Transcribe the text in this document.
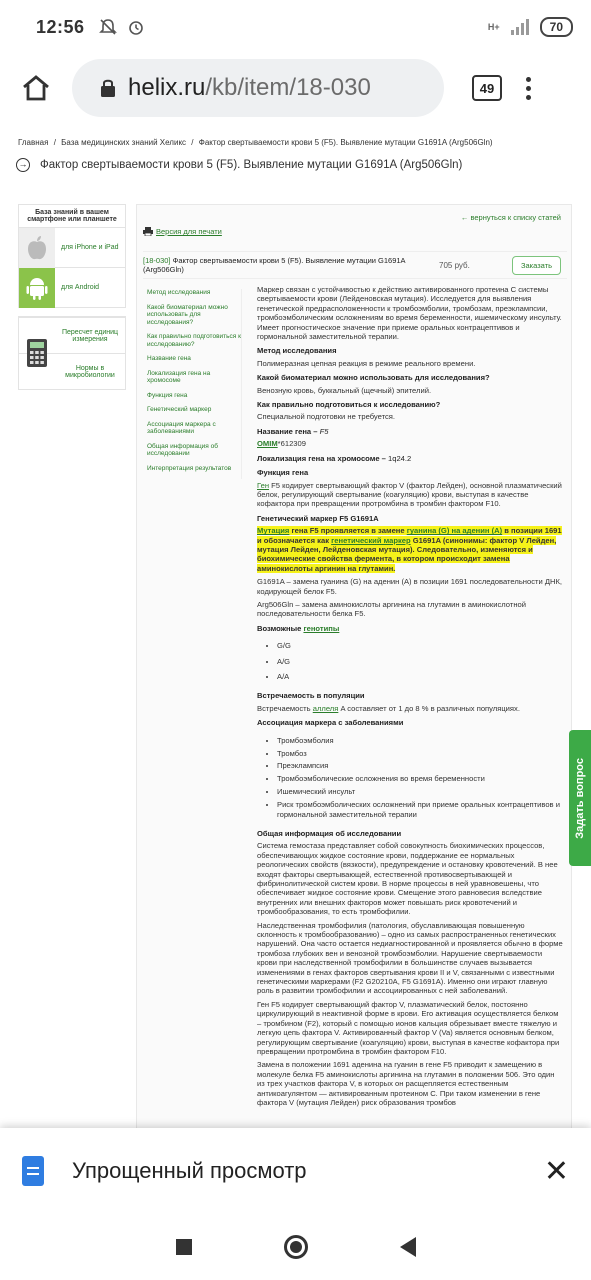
12:56	H+	70
helix.ru/kb/item/18-030	49
Главная / База медицинских знаний Хеликс / Фактор свертываемости крови 5 (F5). Выявление мутации G1691A (Arg506Gln)
→ Фактор свертываемости крови 5 (F5). Выявление мутации G1691A (Arg506Gln)
База знаний в вашем смартфоне или планшете
для iPhone и iPad
для Android
Пересчет единиц измерения
Нормы в микробиологии
Версия для печати
← вернуться к списку статей
[18-030] Фактор свертываемости крови 5 (F5). Выявление мутации G1691A (Arg506Gln)	705 руб.	Заказать
Метод исследования
Какой биоматериал можно использовать для исследования?
Как правильно подготовиться к исследованию?
Название гена
Локализация гена на хромосоме
Функция гена
Генетический маркер
Ассоциация маркера с заболеваниями
Общая информация об исследовании
Интерпретация результатов

Маркер связан с устойчивостью к действию активированного протеина С системы свертываемости крови (Лейденовская мутация). Исследуется для выявления генетической предрасположенности к тромбоэмболии, тромбозам, преэклампсии, тромбоэмболическим осложнениям во время беременности, ишемическому инсульту. Имеет прогностическое значение при приеме оральных контрацептивов и гормональной заместительной терапии.

Метод исследования

Полимеразная цепная реакция в режиме реального времени.

Какой биоматериал можно использовать для исследования?

Венозную кровь, буккальный (щечный) эпителий.

Как правильно подготовиться к исследованию?

Специальной подготовки не требуется.

Название гена – F5

OMIM*612309

Локализация гена на хромосоме – 1q24.2
Функция гена

Ген F5 кодирует свертывающий фактор V (фактор Лейден), основной плазматический белок, регулирующий свертывание (коагуляцию) крови, выступая в качестве кофактора при превращении протромбина в тромбин фактором F10.

Генетический маркер F5 G1691A

Мутация гена F5 проявляется в замене гуанина (G) на аденин (A) в позиции 1691 и обозначается как генетический маркер G1691A (синонимы: фактор V Лейден, мутация Лейден, Лейденовская мутация). Следовательно, изменяются и биохимические свойства фермента, в котором происходит замена аминокислоты аргинин на глутамин.

G1691A – замена гуанина (G) на аденин (A) в позиции 1691 последовательности ДНК, кодирующей белок F5.

Arg506Gln – замена аминокислоты аргинина на глутамин в аминокислотной последовательности белка F5.

Возможные генотипы
• G/G
• A/G
• A/A
Встречаемость в популяции

Встречаемость аллеля A составляет от 1 до 8 % в различных популяциях.

Ассоциация маркера с заболеваниями
• Тромбоэмболия
• Тромбоз
• Преэклампсия
• Тромбоэмболические осложнения во время беременности
• Ишемический инсульт
• Риск тромбоэмболических осложнений при приеме оральных контрацептивов и гормональной заместительной терапии
Общая информация об исследовании

Система гемостаза представляет собой совокупность биохимических процессов, обеспечивающих жидкое состояние крови, поддержание ее нормальных реологических свойств (вязкости), предупреждение и остановку кровотечений. В нее входят факторы свертывающей, естественной противосвертывающей и фибринолитической систем крови. В норме процессы в ней уравновешены, что обеспечивает жидкое состояние крови. Смещение этого равновесия вследствие внутренних или внешних факторов может повышать риск кровотечений и тромбообразования, то есть тромбофилии.

Наследственная тромбофилия (патология, обуславливающая повышенную склонность к тромбообразованию) – одно из самых распространенных генетических нарушений. Она часто остается недиагностированной и проявляется обычно в форме тромбоза глубоких вен и венозной тромбоэмболии. Нарушение свертываемости крови при наследственной тромбофилии в большинстве случаев вызывается изменениями в генах факторов свертывания крови II и V, связанными с известными генетическими маркерами (F2 G20210A, F5 G1691A). Именно они играют главную роль в развитии тромбофилии и ассоциированных с ней заболеваний.

Ген F5 кодирует свертывающий фактор V, плазматический белок, постоянно циркулирующий в неактивной форме в крови. Его активация осуществляется белком – тромбином (F2), который с помощью ионов кальция обрезывает вместе тяжелую и легкую цепь фактора V. Активированный фактор V (Va) является основным белком, регулирующим свертывание (коагуляцию) крови, выступая в качестве кофактора при превращении протромбина в тромбин фактором F10.

Замена в положении 1691 аденина на гуанин в гене F5 приводит к замещению в молекуле белка F5 аминокислоты аргинина на глутамин в положении 506. Это один из трех участков фактора V, в которых он расщепляется естественным антикоагулянтом — активированным протеином С. При таком изменении в гене фактора V (мутация Лейден) риск образования тромбов

Задать вопрос
Упрощенный просмотр	✕
